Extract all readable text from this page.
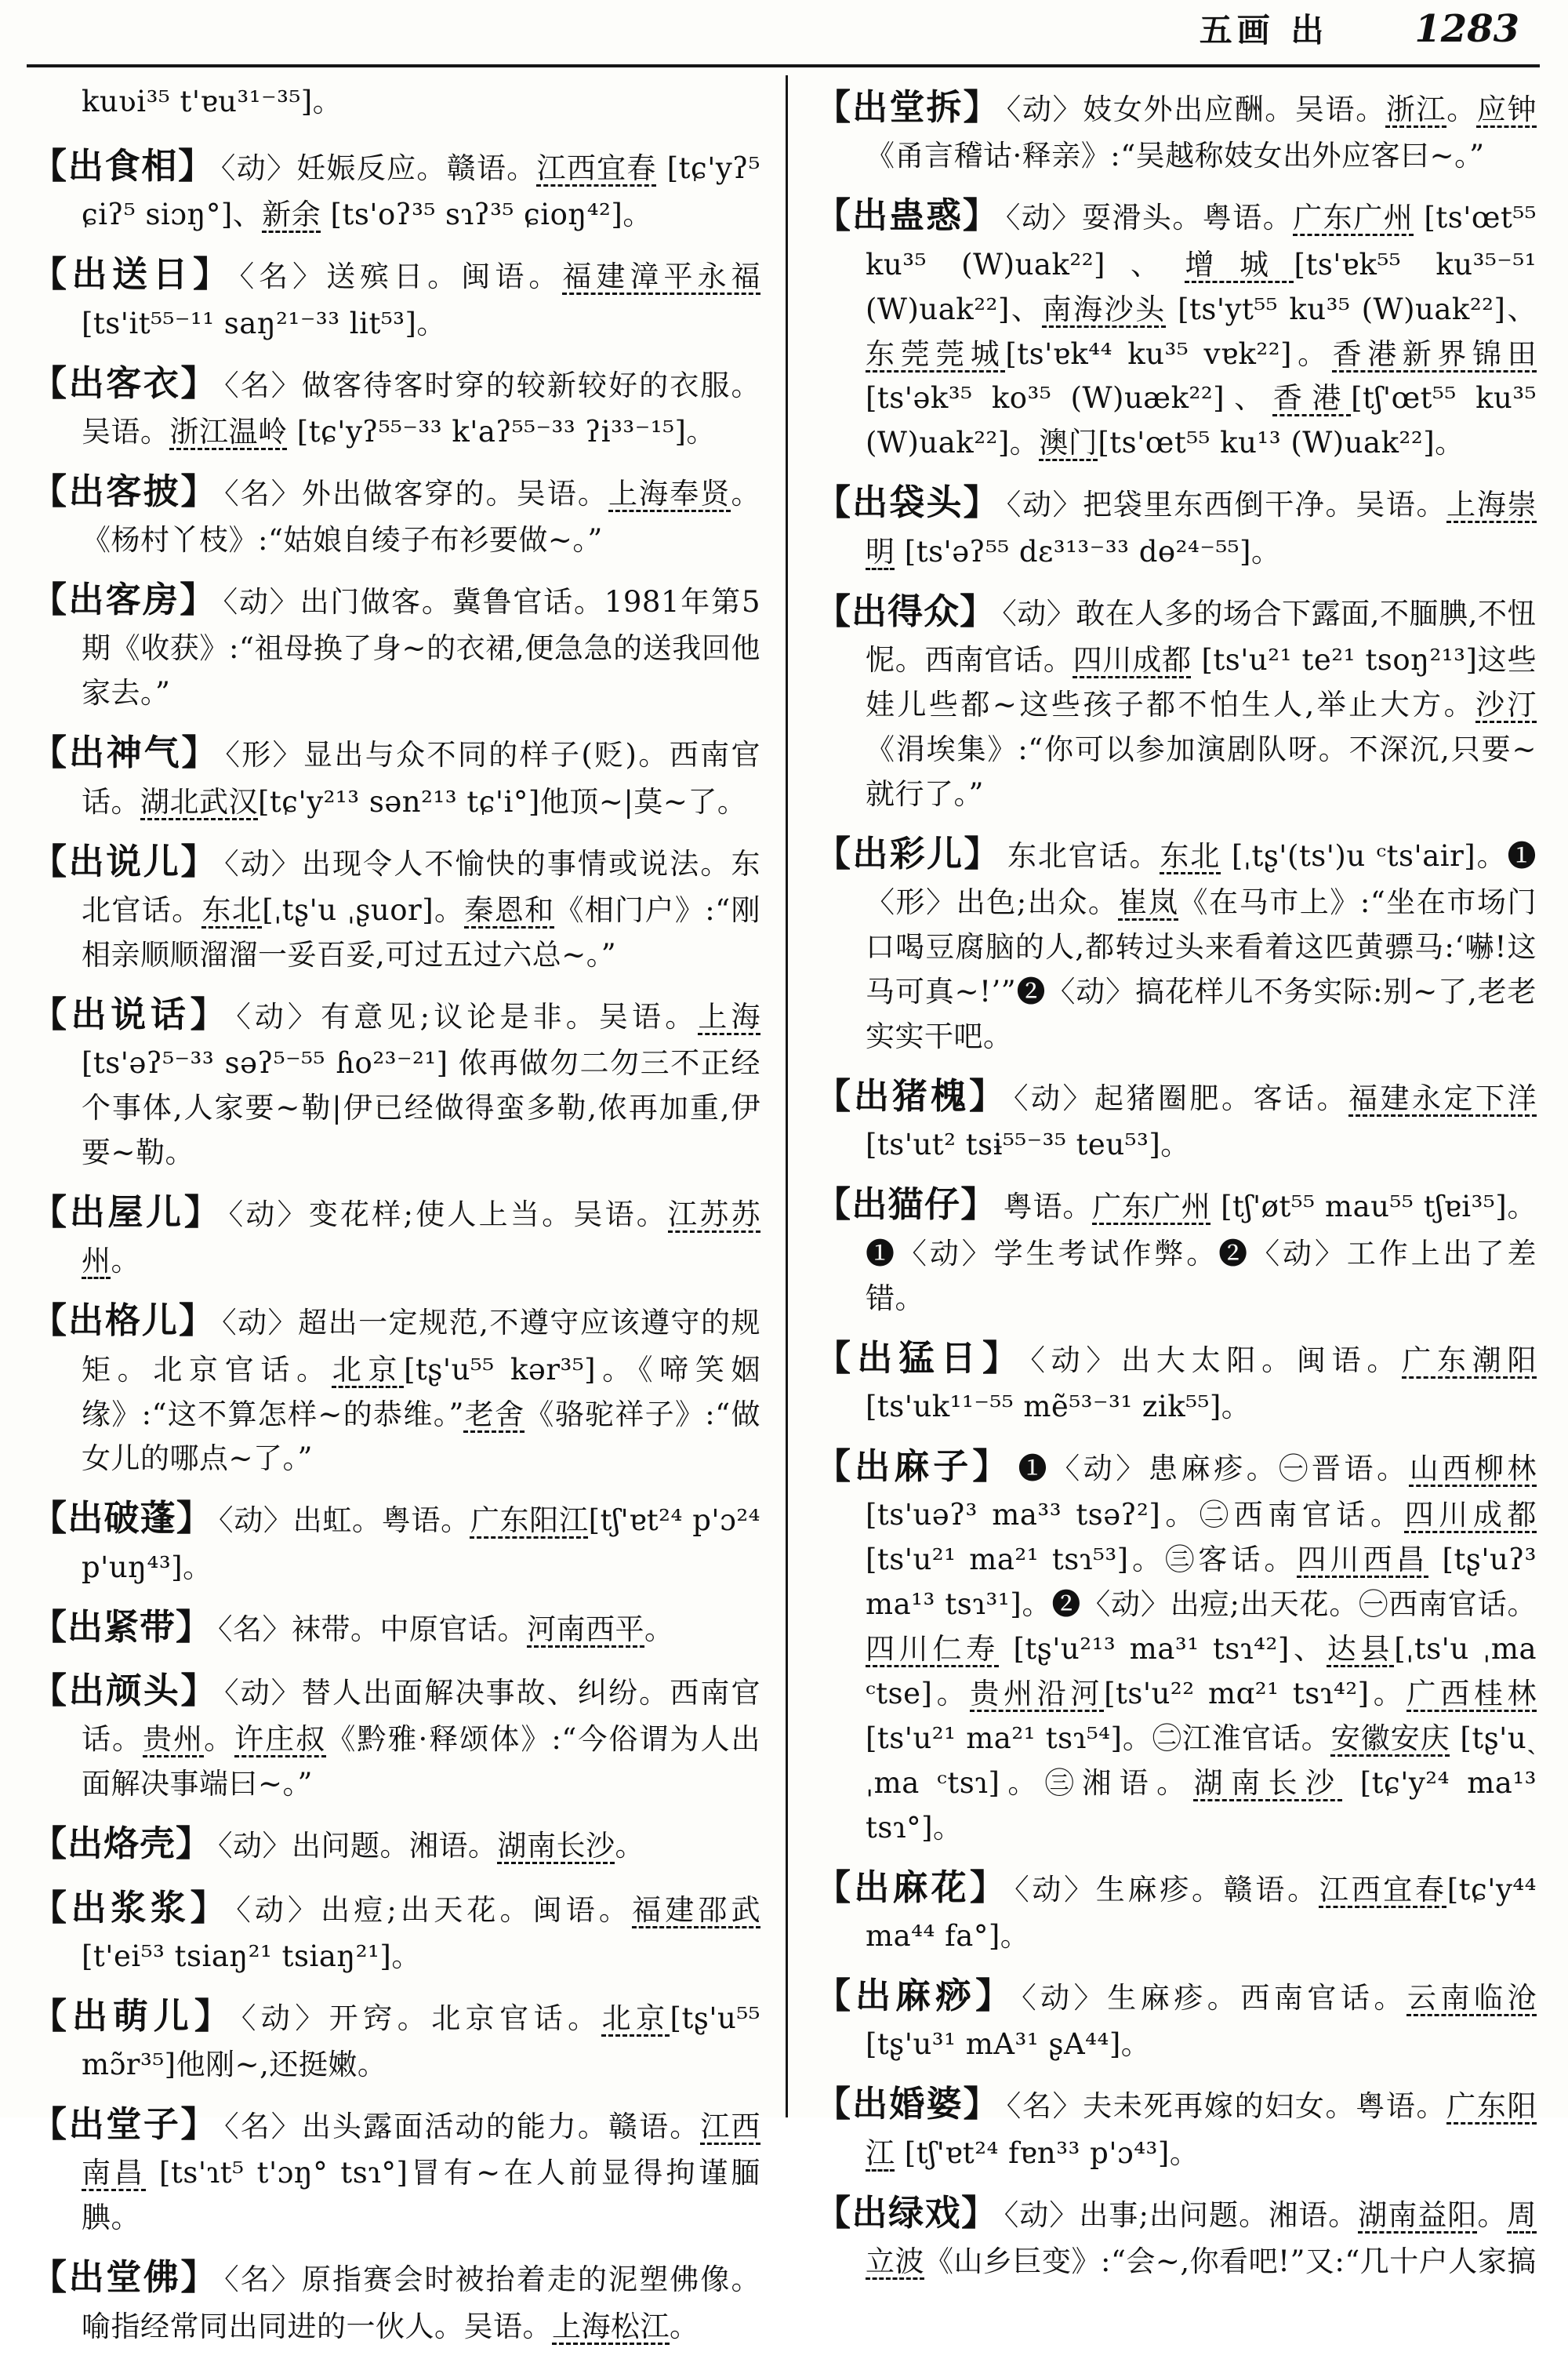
五画 出 1283
kuʋi³⁵ t'ɐu³¹⁻³⁵]。
【出食相】 〈动〉妊娠反应。赣语。江西宜春 [tɕ'yʔ⁵ ɕiʔ⁵ siɔŋ°]、新余 [ts'oʔ³⁵ sɿʔ³⁵ ɕioŋ⁴²]。
【出送日】 〈名〉送殡日。闽语。福建漳平永福[ts'it⁵⁵⁻¹¹ saŋ²¹⁻³³ lit⁵³]。
【出客衣】 〈名〉做客待客时穿的较新较好的衣服。吴语。浙江温岭 [tɕ'yʔ⁵⁵⁻³³ k'aʔ⁵⁵⁻³³ ʔi³³⁻¹⁵]。
【出客披】 〈名〉外出做客穿的。吴语。上海奉贤。《杨村丫枝》:“姑娘自绫子布衫要做~。”
【出客房】 〈动〉出门做客。冀鲁官话。1981年第5期《收获》:“祖母换了身~的衣裙,便急急的送我回他家去。”
【出神气】 〈形〉显出与众不同的样子(贬)。西南官话。湖北武汉[tɕ'y²¹³ sən²¹³ tɕ'i°]他顶~|莫~了。
【出说儿】 〈动〉出现令人不愉快的事情或说法。东北官话。东北[ˌtʂ'u ˌʂuor]。秦恩和《相门户》:“刚相亲顺顺溜溜一妥百妥,可过五过六总~。”
【出说话】 〈动〉有意见;议论是非。吴语。上海[ts'əʔ⁵⁻³³ səʔ⁵⁻⁵⁵ ɦo²³⁻²¹] 侬再做勿二勿三不正经个事体,人家要~勒|伊已经做得蛮多勒,侬再加重,伊要~勒。
【出屋儿】 〈动〉变花样;使人上当。吴语。江苏苏州。
【出格儿】 〈动〉超出一定规范,不遵守应该遵守的规矩。北京官话。北京[tʂ'u⁵⁵ kər³⁵]。《啼笑姻缘》:“这不算怎样~的恭维。”老舍《骆驼祥子》:“做女儿的哪点~了。”
【出破蓬】 〈动〉出虹。粤语。广东阳江[tʃ'ɐt²⁴ p'ɔ²⁴ p'uŋ⁴³]。
【出紧带】 〈名〉袜带。中原官话。河南西平。
【出颃头】 〈动〉替人出面解决事故、纠纷。西南官话。贵州。许庄叔《黔雅·释颂体》:“今俗谓为人出面解决事端曰~。”
【出烙壳】 〈动〉出问题。湘语。湖南长沙。
【出浆浆】 〈动〉出痘;出天花。闽语。福建邵武 [t'ei⁵³ tsiaŋ²¹ tsiaŋ²¹]。
【出萌儿】 〈动〉开窍。北京官话。北京[tʂ'u⁵⁵ mɔ̃r³⁵]他刚~,还挺嫩。
【出堂子】 〈名〉出头露面活动的能力。赣语。江西南昌 [ts'ɿt⁵ t'ɔŋ° tsɿ°]冒有~在人前显得拘谨腼腆。
【出堂佛】 〈名〉原指赛会时被抬着走的泥塑佛像。喻指经常同出同进的一伙人。吴语。上海松江。
【出堂拆】 〈动〉妓女外出应酬。吴语。浙江。应钟《甬言稽诂·释亲》:“吴越称妓女出外应客曰~。”
【出蛊惑】 〈动〉耍滑头。粤语。广东广州 [ts'œt⁵⁵ ku³⁵ (W)uak²²]、增城[ts'ɐk⁵⁵ ku³⁵⁻⁵¹ (W)uak²²]、南海沙头 [ts'yt⁵⁵ ku³⁵ (W)uak²²]、东莞莞城[ts'ɐk⁴⁴ ku³⁵ vɐk²²]。香港新界锦田[ts'ək³⁵ ko³⁵ (W)uæk²²]、香港[tʃ'œt⁵⁵ ku³⁵ (W)uak²²]。澳门[ts'œt⁵⁵ ku¹³ (W)uak²²]。
【出袋头】 〈动〉把袋里东西倒干净。吴语。上海崇明 [ts'əʔ⁵⁵ dɛ³¹³⁻³³ dɵ²⁴⁻⁵⁵]。
【出得众】 〈动〉敢在人多的场合下露面,不腼腆,不忸怩。西南官话。四川成都 [ts'u²¹ te²¹ tsoŋ²¹³]这些娃儿些都~这些孩子都不怕生人,举止大方。沙汀《涓埃集》:“你可以参加演剧队呀。不深沉,只要~就行了。”
【出彩儿】 东北官话。东北 [ˌtʂ'(ts')u ᶜts'air]。❶〈形〉出色;出众。崔岚《在马市上》:“坐在市场门口喝豆腐脑的人,都转过头来看着这匹黄骠马:‘嚇!这马可真~!’”❷〈动〉搞花样儿不务实际:别~了,老老实实干吧。
【出猪槐】 〈动〉起猪圈肥。客话。福建永定下洋[ts'ut² tsɨ⁵⁵⁻³⁵ teu⁵³]。
【出猫仔】 粤语。广东广州 [tʃ'øt⁵⁵ mau⁵⁵ tʃɐi³⁵]。❶〈动〉学生考试作弊。❷〈动〉工作上出了差错。
【出猛日】 〈动〉出大太阳。闽语。广东潮阳[ts'uk¹¹⁻⁵⁵ mẽ⁵³⁻³¹ zik⁵⁵]。
【出麻子】 ❶〈动〉患麻疹。㊀晋语。山西柳林 [ts'uəʔ³ ma³³ tsəʔ²]。㊁西南官话。四川成都 [ts'u²¹ ma²¹ tsɿ⁵³]。㊂客话。四川西昌 [tʂ'uʔ³ ma¹³ tsɿ³¹]。❷〈动〉出痘;出天花。㊀西南官话。四川仁寿 [tʂ'u²¹³ ma³¹ tsɿ⁴²]、达县[ˌts'u ˌma ᶜtse]。贵州沿河[ts'u²² mɑ²¹ tsɿ⁴²]。广西桂林 [ts'u²¹ ma²¹ tsɿ⁵⁴]。㊁江淮官话。安徽安庆 [tʂ'uˎ ˌma ᶜtsɿ]。㊂湘语。湖南长沙 [tɕ'y²⁴ ma¹³ tsɿ°]。
【出麻花】 〈动〉生麻疹。赣语。江西宜春[tɕ'y⁴⁴ ma⁴⁴ fa°]。
【出麻痧】 〈动〉生麻疹。西南官话。云南临沧[tʂ'u³¹ mA³¹ ʂA⁴⁴]。
【出婚婆】 〈名〉夫未死再嫁的妇女。粤语。广东阳江 [tʃ'ɐt²⁴ fɐn³³ p'ɔ⁴³]。
【出绿戏】 〈动〉出事;出问题。湘语。湖南益阳。周立波《山乡巨变》:“会~,你看吧!”又:“几十户人家搞
